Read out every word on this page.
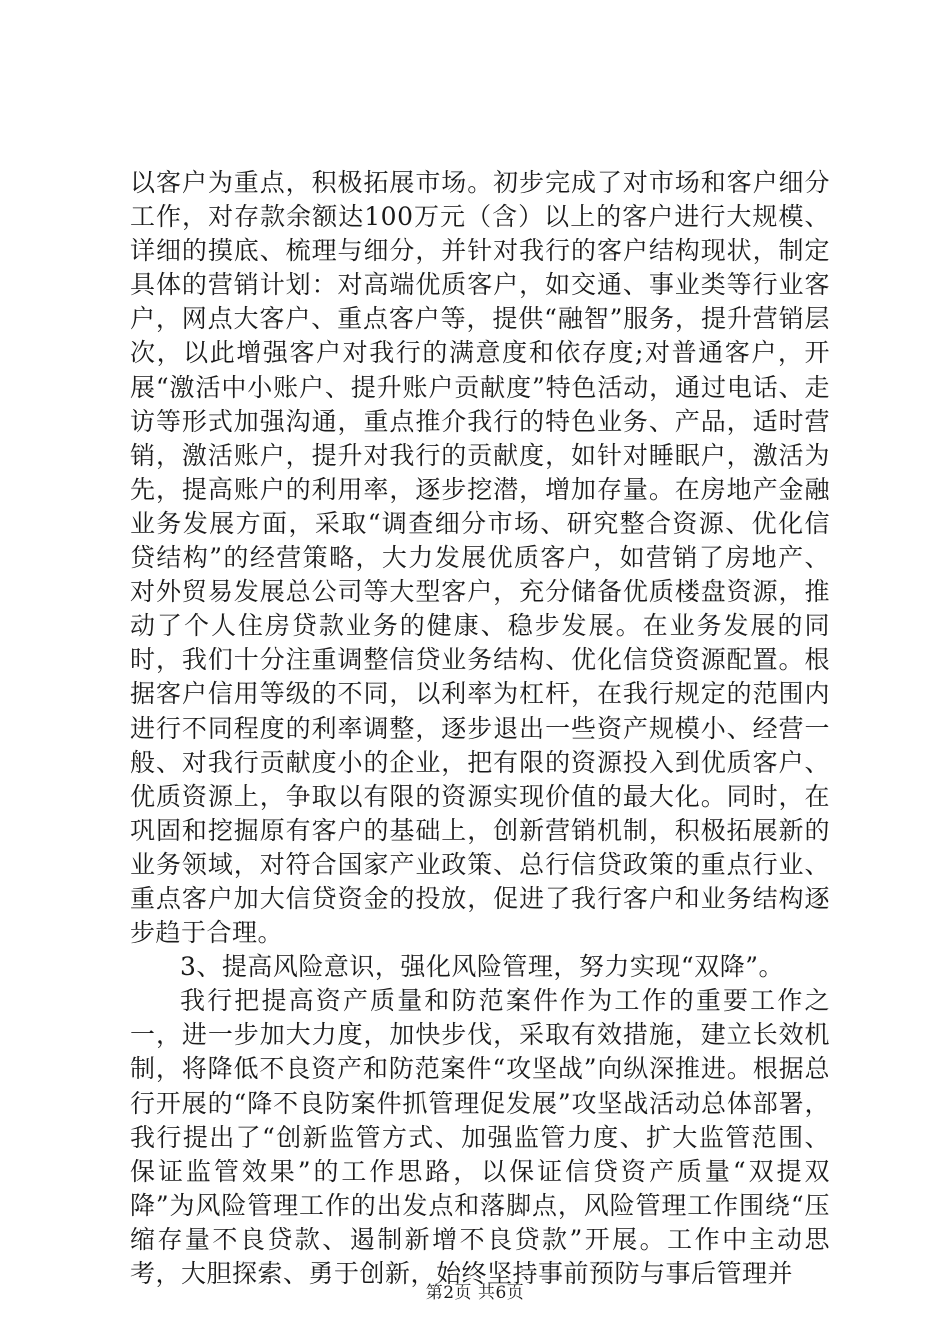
以客户为重点，积极拓展市场。初步完成了对市场和客户细分工作，对存款余额达100万元（含）以上的客户进行大规模、详细的摸底、梳理与细分，并针对我行的客户结构现状，制定具体的营销计划：对高端优质客户，如交通、事业类等行业客户，网点大客户、重点客户等，提供“融智”服务，提升营销层次，以此增强客户对我行的满意度和依存度;对普通客户，开展“激活中小账户、提升账户贡献度”特色活动，通过电话、走访等形式加强沟通，重点推介我行的特色业务、产品，适时营销，激活账户，提升对我行的贡献度，如针对睡眠户，激活为先，提高账户的利用率，逐步挖潜，增加存量。在房地产金融业务发展方面，采取“调查细分市场、研究整合资源、优化信贷结构”的经营策略，大力发展优质客户，如营销了房地产、对外贸易发展总公司等大型客户，充分储备优质楼盘资源，推动了个人住房贷款业务的健康、稳步发展。在业务发展的同时，我们十分注重调整信贷业务结构、优化信贷资源配置。根据客户信用等级的不同，以利率为杠杆，在我行规定的范围内进行不同程度的利率调整，逐步退出一些资产规模小、经营一般、对我行贡献度小的企业，把有限的资源投入到优质客户、优质资源上，争取以有限的资源实现价值的最大化。同时，在巩固和挖掘原有客户的基础上，创新营销机制，积极拓展新的业务领域，对符合国家产业政策、总行信贷政策的重点行业、重点客户加大信贷资金的投放，促进了我行客户和业务结构逐步趋于合理。

3、提高风险意识，强化风险管理，努力实现“双降”。

我行把提高资产质量和防范案件作为工作的重要工作之一，进一步加大力度，加快步伐，采取有效措施，建立长效机制，将降低不良资产和防范案件“攻坚战”向纵深推进。根据总行开展的“降不良防案件抓管理促发展”攻坚战活动总体部署，我行提出了“创新监管方式、加强监管力度、扩大监管范围、保证监管效果”的工作思路，以保证信贷资产质量“双提双降”为风险管理工作的出发点和落脚点，风险管理工作围绕“压缩存量不良贷款、遏制新增不良贷款”开展。工作中主动思考，大胆探索、勇于创新，始终坚持事前预防与事后管理并

第2页 共6页
